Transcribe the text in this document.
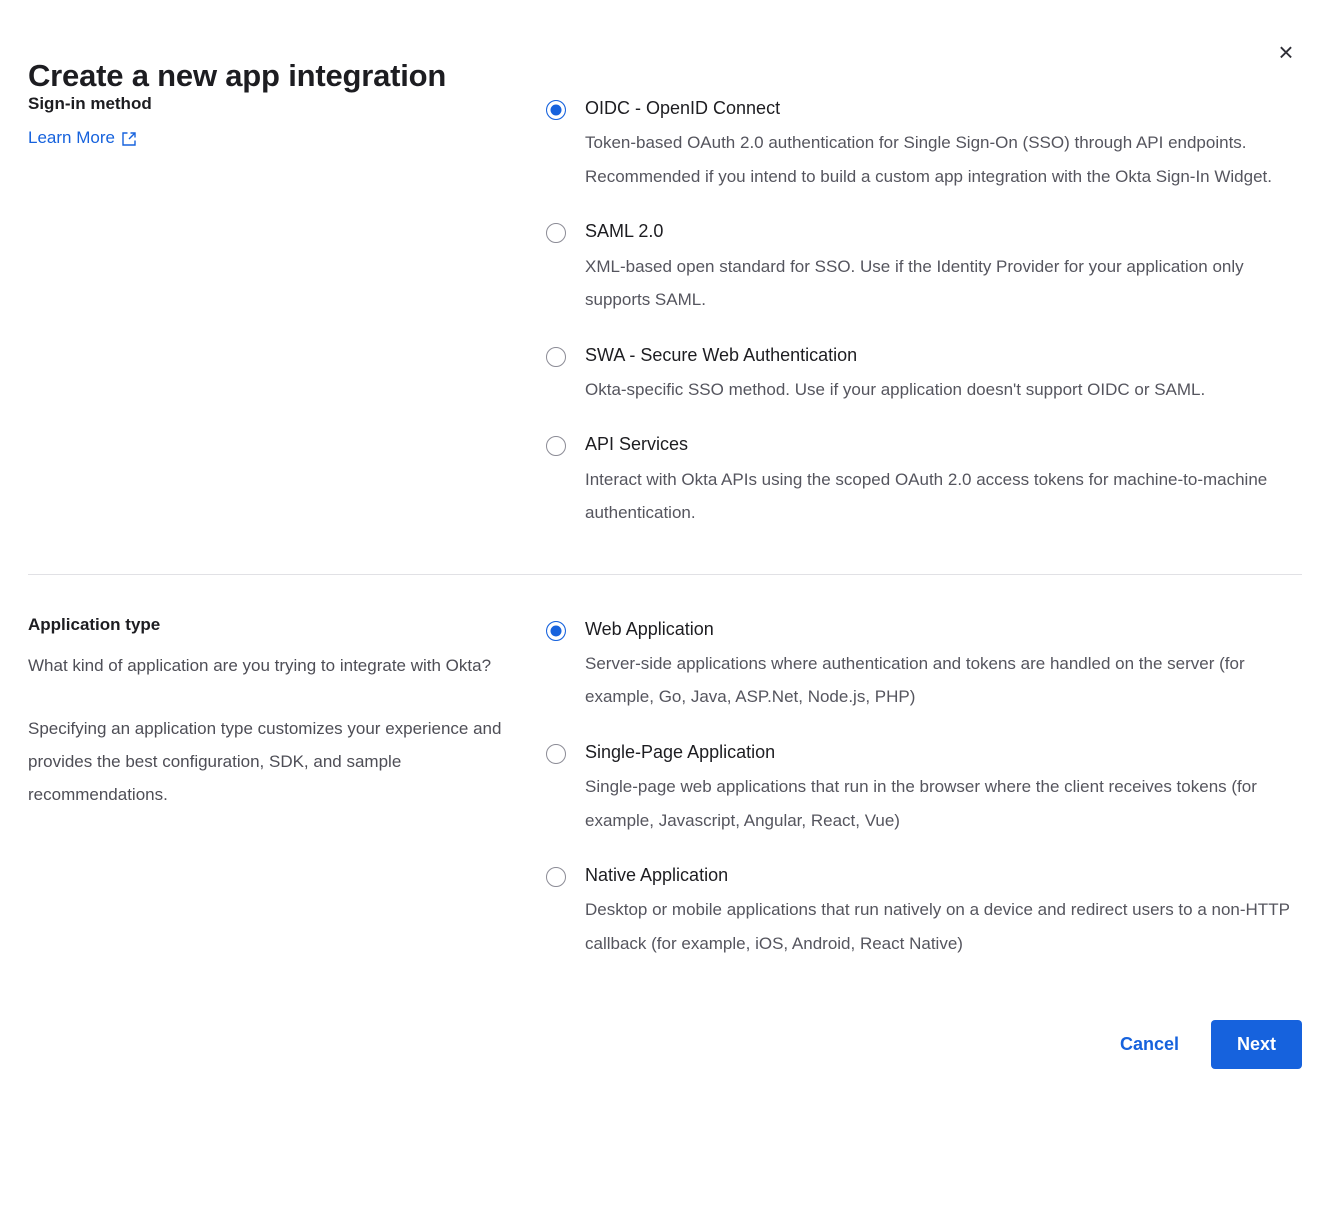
×
Create a new app integration
Sign-in method
Learn More
OIDC - OpenID Connect
Token-based OAuth 2.0 authentication for Single Sign-On (SSO) through API endpoints. Recommended if you intend to build a custom app integration with the Okta Sign-In Widget.
SAML 2.0
XML-based open standard for SSO. Use if the Identity Provider for your application only supports SAML.
SWA - Secure Web Authentication
Okta-specific SSO method. Use if your application doesn't support OIDC or SAML.
API Services
Interact with Okta APIs using the scoped OAuth 2.0 access tokens for machine-to-machine authentication.
Application type

What kind of application are you trying to integrate with Okta?

Specifying an application type customizes your experience and provides the best configuration, SDK, and sample recommendations.

Web Application
Server-side applications where authentication and tokens are handled on the server (for example, Go, Java, ASP.Net, Node.js, PHP)
Single-Page Application
Single-page web applications that run in the browser where the client receives tokens (for example, Javascript, Angular, React, Vue)
Native Application
Desktop or mobile applications that run natively on a device and redirect users to a non-HTTP callback (for example, iOS, Android, React Native)
Cancel	Next
